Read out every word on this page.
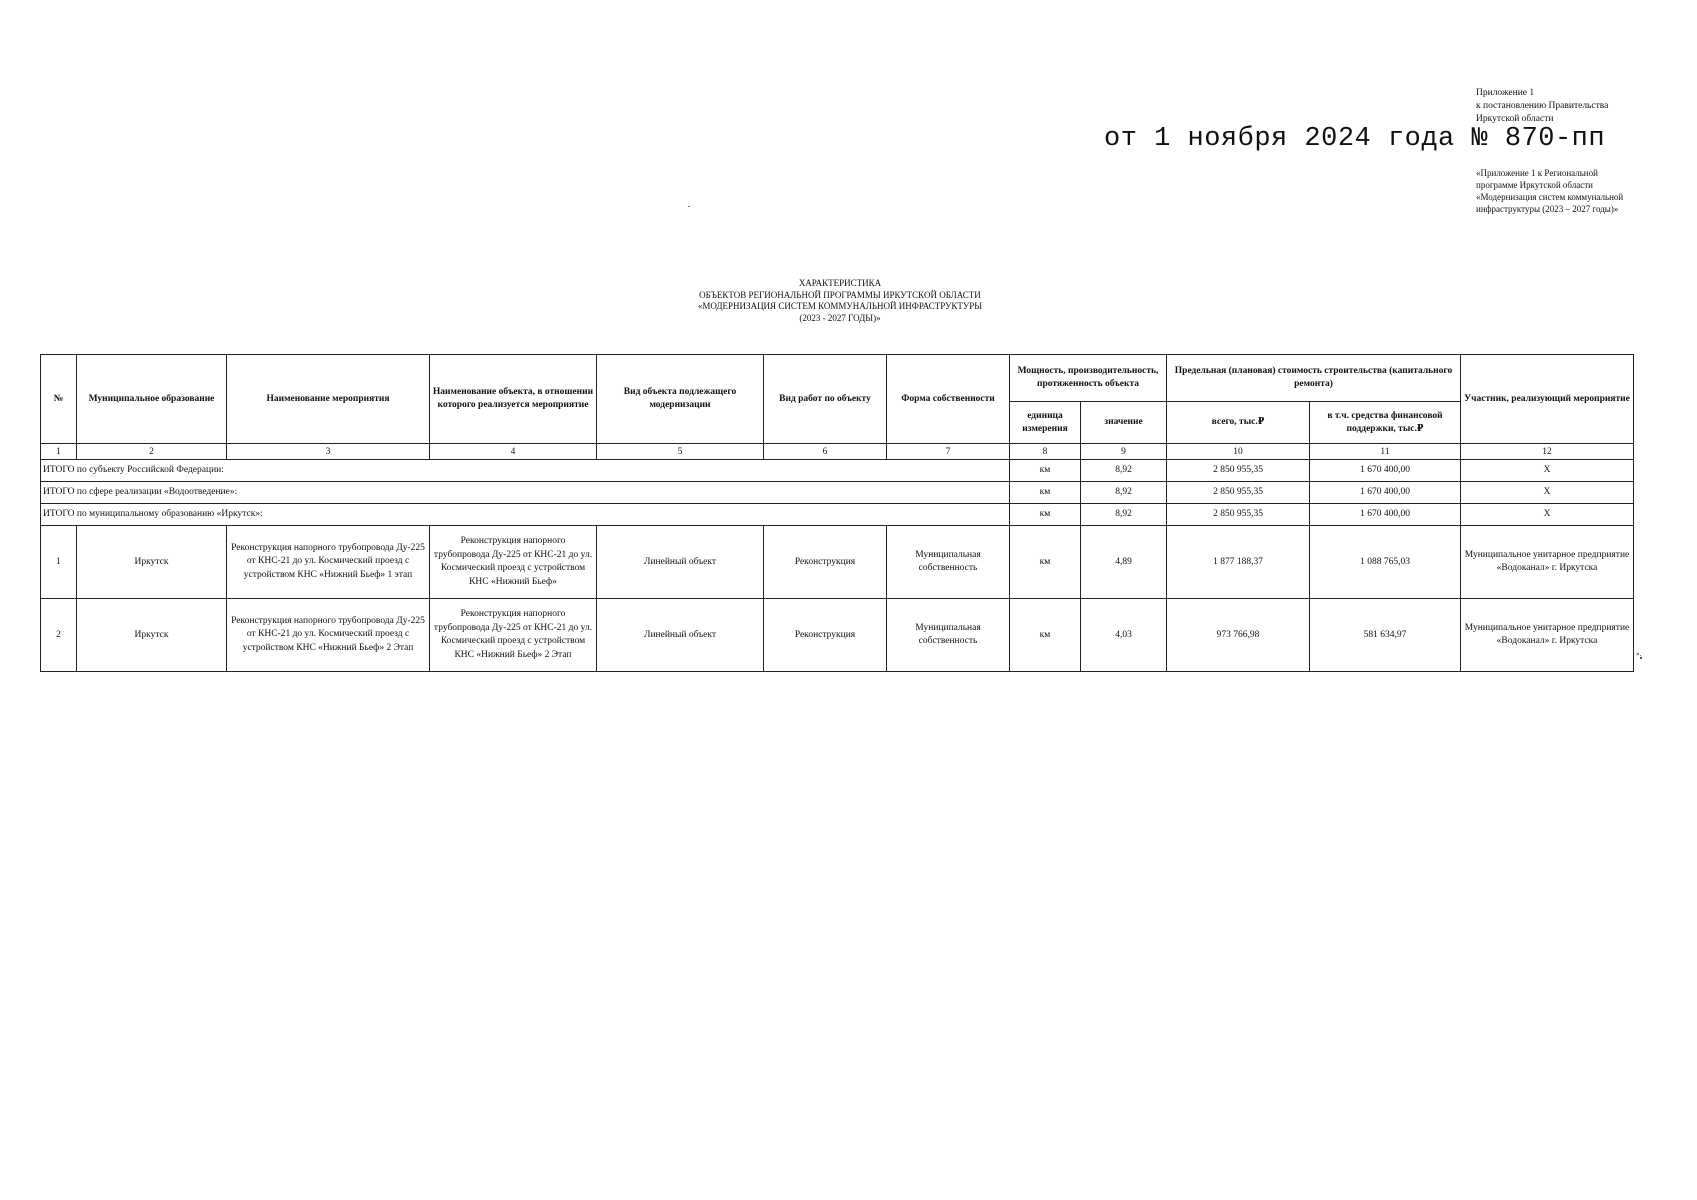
Приложение 1
к постановлению Правительства
Иркутской области
от 1 ноября 2024 года № 870-пп
«Приложение 1 к Региональной программе Иркутской области «Модернизация систем коммунальной инфраструктуры (2023 – 2027 годы)»
ХАРАКТЕРИСТИКА
ОБЪЕКТОВ РЕГИОНАЛЬНОЙ ПРОГРАММЫ ИРКУТСКОЙ ОБЛАСТИ
«МОДЕРНИЗАЦИЯ СИСТЕМ КОММУНАЛЬНОЙ ИНФРАСТРУКТУРЫ
(2023 - 2027 ГОДЫ)»
№	Муниципальное образование	Наименование мероприятия	Наименование объекта, в отношении которого реализуется мероприятие	Вид объекта подлежащего модернизации	Вид работ по объекту	Форма собственности	Мощность, производительность, протяженность объекта		Предельная (плановая) стоимость строительства (капитального ремонта)		Участник, реализующий мероприятие
							единица измерения	значение	всего, тыс.₽	в т.ч. средства финансовой поддержки, тыс.₽	
1	2	3	4	5	6	7	8	9	10	11	12
ИТОГО по субъекту Российской Федерации:							км	8,92	2 850 955,35	1 670 400,00	X
ИТОГО по сфере реализации «Водоотведение»:							км	8,92	2 850 955,35	1 670 400,00	X
ИТОГО по муниципальному образованию «Иркутск»:							км	8,92	2 850 955,35	1 670 400,00	X
1	Иркутск	Реконструкция напорного трубопровода Ду-225 от КНС-21 до ул. Космический проезд с устройством КНС «Нижний Бьеф» 1 этап	Реконструкция напорного трубопровода Ду-225 от КНС-21 до ул. Космический проезд с устройством КНС «Нижний Бьеф»	Линейный объект	Реконструкция	Муниципальная собственность	км	4,89	1 877 188,37	1 088 765,03	Муниципальное унитарное предприятие «Водоканал» г. Иркутска
2	Иркутск	Реконструкция напорного трубопровода Ду-225 от КНС-21 до ул. Космический проезд с устройством КНС «Нижний Бьеф» 2 Этап	Реконструкция напорного трубопровода Ду-225 от КНС-21 до ул. Космический проезд с устройством КНС «Нижний Бьеф» 2 Этап	Линейный объект	Реконструкция	Муниципальная собственность	км	4,03	973 766,98	581 634,97	Муниципальное унитарное предприятие «Водоканал» г. Иркутска
».
